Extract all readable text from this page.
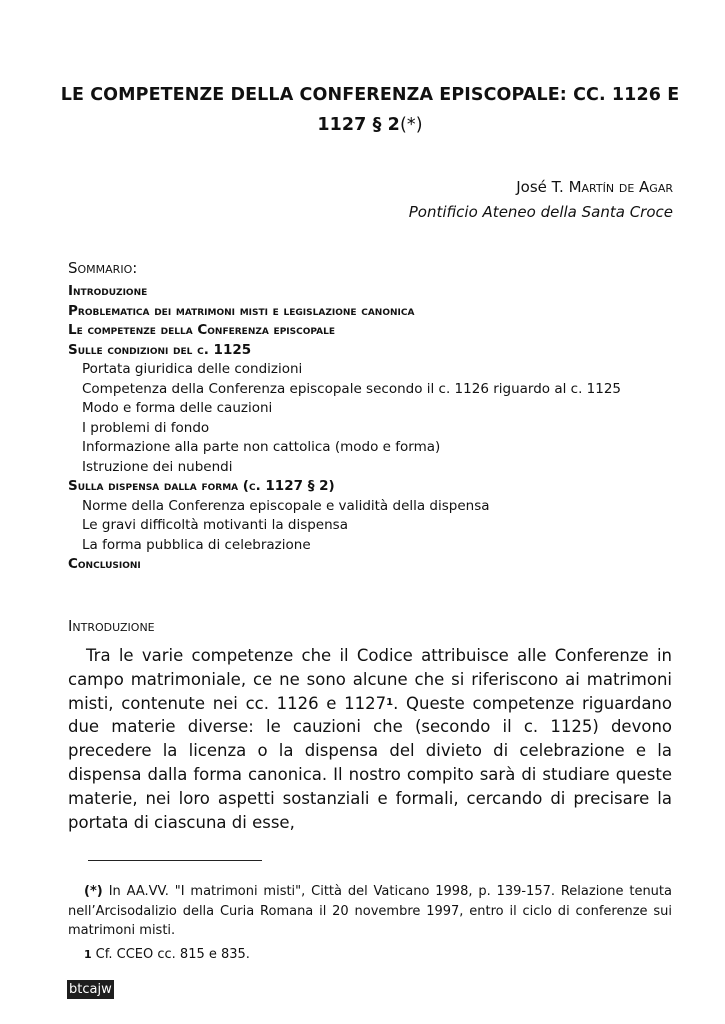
LE COMPETENZE DELLA CONFERENZA EPISCOPALE: CC. 1126 E
1127 § 2(*)
José T. Martín de Agar
Pontificio Ateneo della Santa Croce
Sommario:
Introduzione
Problematica dei matrimoni misti e legislazione canonica
Le competenze della Conferenza episcopale
Sulle condizioni del c. 1125
Portata giuridica delle condizioni
Competenza della Conferenza episcopale secondo il c. 1126 riguardo al c. 1125
Modo e forma delle cauzioni
I problemi di fondo
Informazione alla parte non cattolica (modo e forma)
Istruzione dei nubendi
Sulla dispensa dalla forma (c. 1127 § 2)
Norme della Conferenza episcopale e validità della dispensa
Le gravi difficoltà motivanti la dispensa
La forma pubblica di celebrazione
Conclusioni
Introduzione
Tra le varie competenze che il Codice attribuisce alle Conferenze in campo matrimoniale, ce ne sono alcune che si riferiscono ai matrimoni misti, contenute nei cc. 1126 e 1127$^1$. Queste competenze riguardano due materie diverse: le cauzioni che (secondo il c. 1125) devono precedere la licenza o la dispensa del divieto di celebrazione e la dispensa dalla forma canonica. Il nostro compito sarà di studiare queste materie, nei loro aspetti sostanziali e formali, cercando di precisare la portata di ciascuna di esse,
(*) In AA.VV. "I matrimoni misti", Città del Vaticano 1998, p. 139-157. Relazione tenuta nell’Arcisodalizio della Curia Romana il 20 novembre 1997, entro il ciclo di conferenze sui matrimoni misti.
1 Cf. CCEO cc. 815 e 835.
btcajw
